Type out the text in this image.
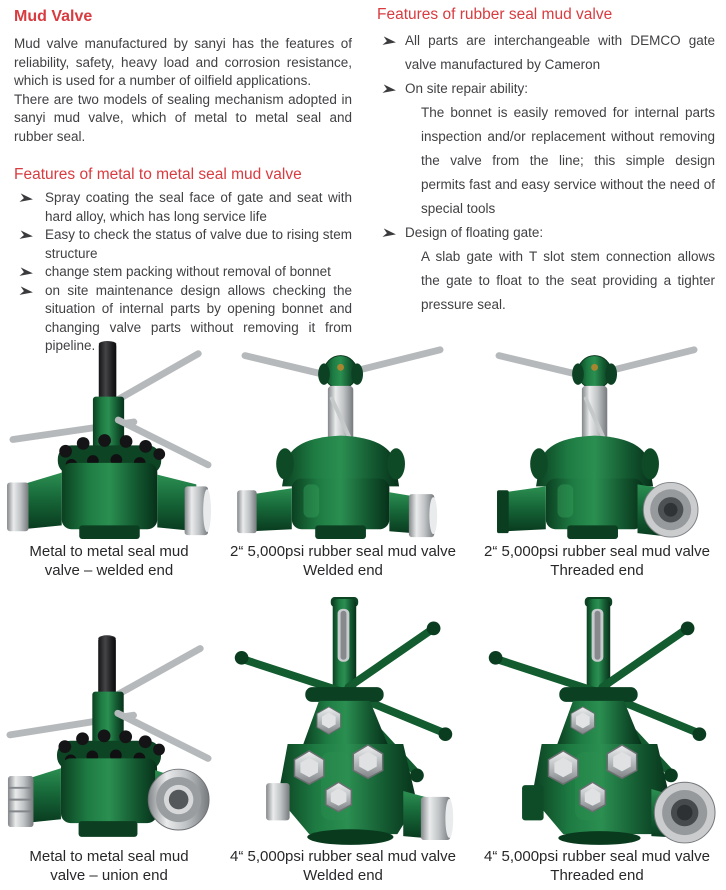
Mud Valve

Mud valve manufactured by sanyi has the features of reliability, safety, heavy load and corrosion resistance, which is used for a number of oilfield applications.

There are two models of sealing mechanism adopted in sanyi mud valve, which of metal to metal seal and rubber seal.

Features of metal to metal seal mud valve
Spray coating the seal face of gate and seat with hard alloy, which has long service life
Easy to check the status of valve due to rising stem structure
change stem packing without removal of bonnet
on site maintenance design allows checking the situation of internal parts by opening bonnet and changing valve parts without removing it from pipeline.
Features of rubber seal mud valve
All parts are interchangeable with DEMCO gate valve manufactured by Cameron
On site repair ability:
The bonnet is easily removed for internal parts inspection and/or replacement without removing the valve from the line; this simple design permits fast and easy service without the need of special tools
Design of floating gate:
A slab gate with T slot stem connection allows the gate to float to the seat providing a tighter pressure seal.
Metal to metal seal mud
valve – welded end
2“ 5,000psi rubber seal mud valve
Welded end
2“ 5,000psi rubber seal mud valve
Threaded end
Metal to metal seal mud
valve – union end
4“ 5,000psi rubber seal mud valve
Welded end
4“ 5,000psi rubber seal mud valve
Threaded end
